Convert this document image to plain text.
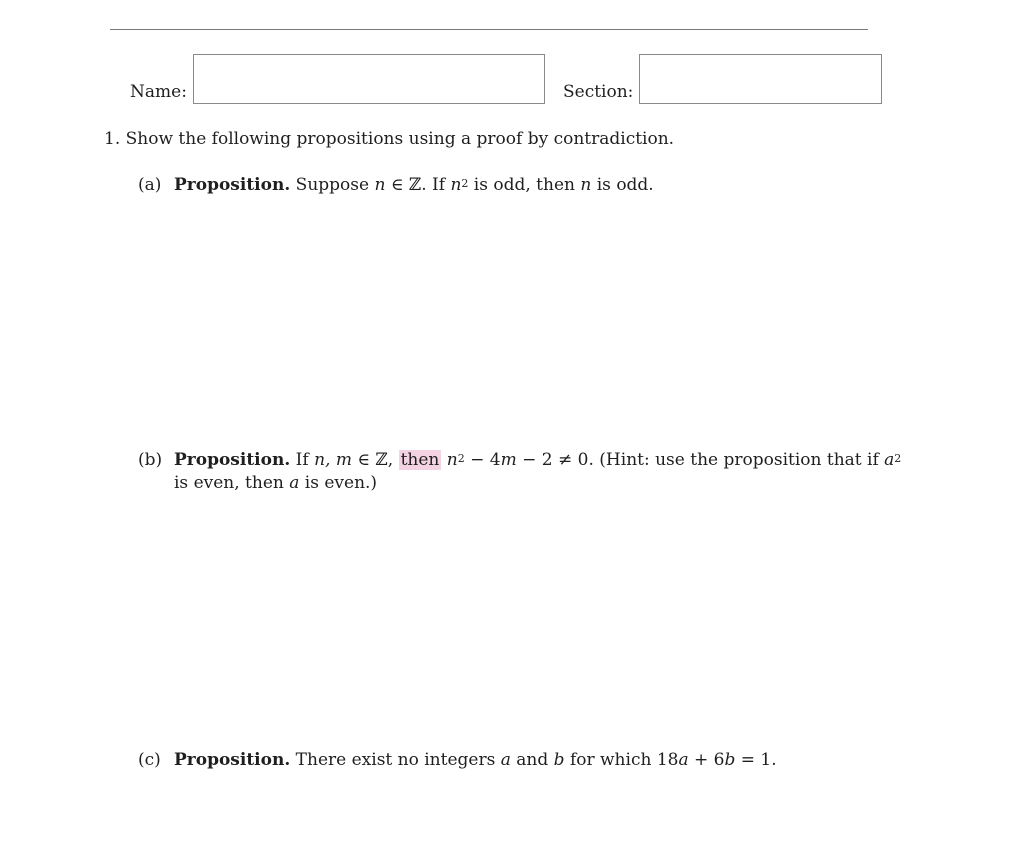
Name:	Section:
1. Show the following propositions using a proof by contradiction.
(a) Proposition. Suppose n ∈ ℤ. If $n^2$ is odd, then n is odd.
(b) Proposition. If n, m ∈ ℤ, then $n^2 - 4m - 2 \ne 0$. (Hint: use the proposition that if $a^2$
is even, then a is even.)
(c) Proposition. There exist no integers a and b for which 18a + 6b = 1.
